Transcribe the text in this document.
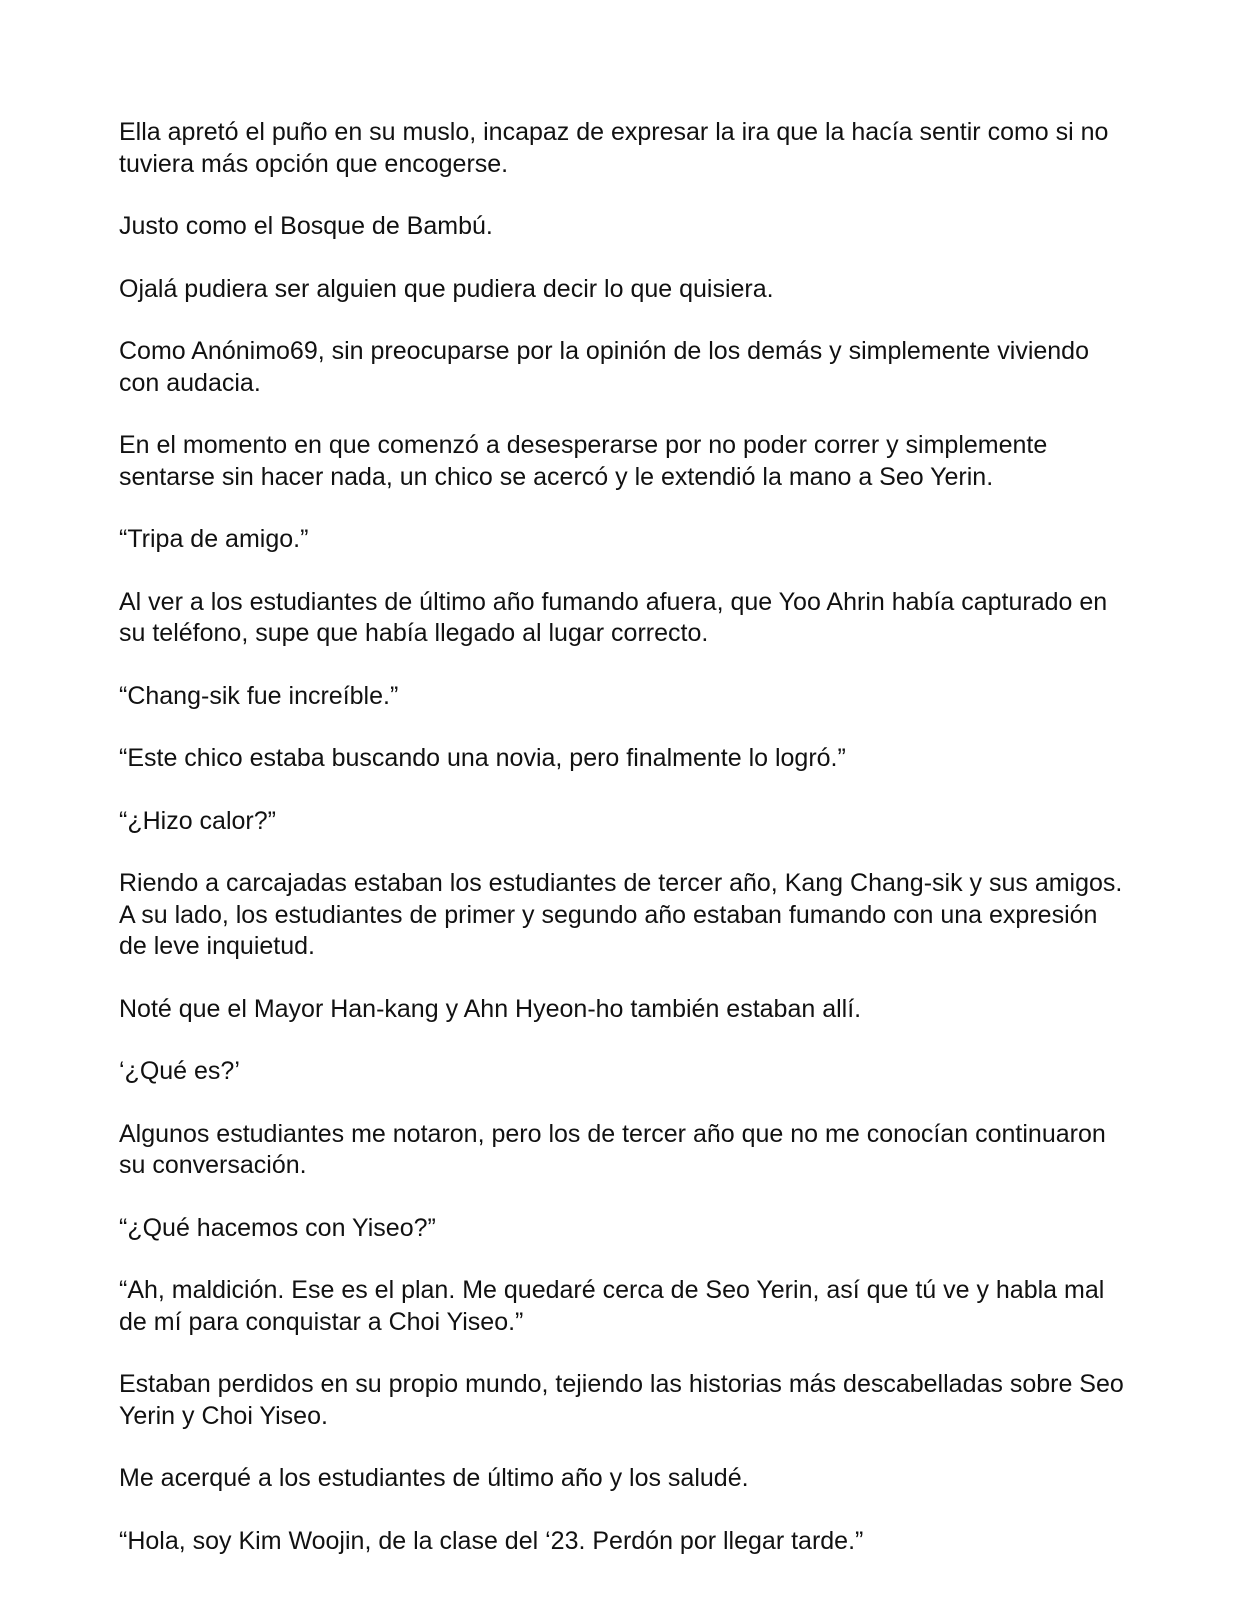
Ella apretó el puño en su muslo, incapaz de expresar la ira que la hacía sentir como si no tuviera más opción que encogerse.

Justo como el Bosque de Bambú.

Ojalá pudiera ser alguien que pudiera decir lo que quisiera.

Como Anónimo69, sin preocuparse por la opinión de los demás y simplemente viviendo con audacia.

En el momento en que comenzó a desesperarse por no poder correr y simplemente sentarse sin hacer nada, un chico se acercó y le extendió la mano a Seo Yerin.

“Tripa de amigo.”

Al ver a los estudiantes de último año fumando afuera, que Yoo Ahrin había capturado en su teléfono, supe que había llegado al lugar correcto.

“Chang-sik fue increíble.”

“Este chico estaba buscando una novia, pero finalmente lo logró.”

“¿Hizo calor?”

Riendo a carcajadas estaban los estudiantes de tercer año, Kang Chang-sik y sus amigos. A su lado, los estudiantes de primer y segundo año estaban fumando con una expresión de leve inquietud.

Noté que el Mayor Han-kang y Ahn Hyeon-ho también estaban allí.

‘¿Qué es?’

Algunos estudiantes me notaron, pero los de tercer año que no me conocían continuaron su conversación.

“¿Qué hacemos con Yiseo?”

“Ah, maldición. Ese es el plan. Me quedaré cerca de Seo Yerin, así que tú ve y habla mal de mí para conquistar a Choi Yiseo.”

Estaban perdidos en su propio mundo, tejiendo las historias más descabelladas sobre Seo Yerin y Choi Yiseo.

Me acerqué a los estudiantes de último año y los saludé.

“Hola, soy Kim Woojin, de la clase del ‘23. Perdón por llegar tarde.”
